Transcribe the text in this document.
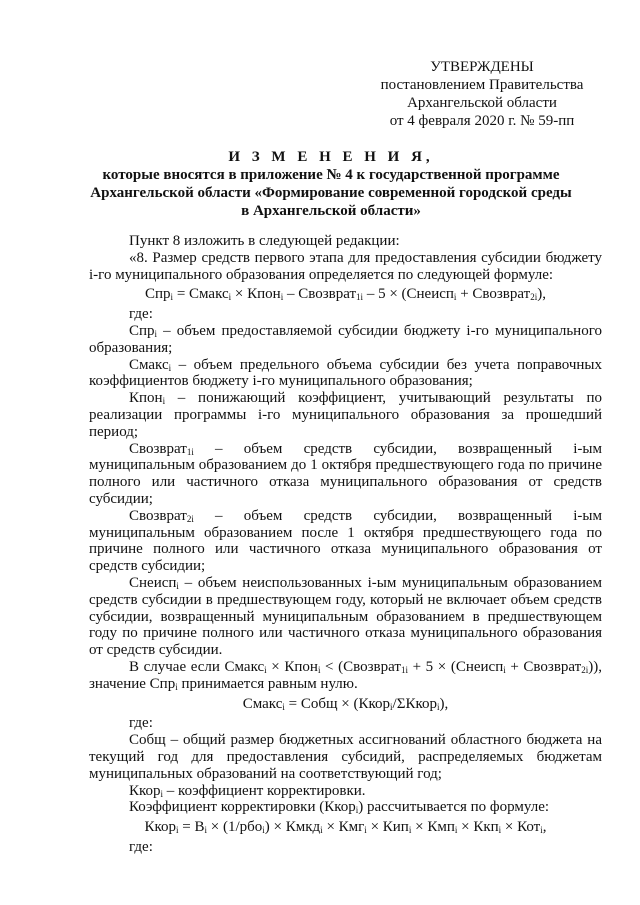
УТВЕРЖДЕНЫ
постановлением Правительства
Архангельской области
от 4 февраля 2020 г. № 59-пп
И З М Е Н Е Н И Я,
которые вносятся в приложение № 4 к государственной программе
Архангельской области «Формирование современной городской среды
в Архангельской области»

Пункт 8 изложить в следующей редакции:

«8. Размер средств первого этапа для предоставления субсидии бюджету i-го муниципального образования определяется по следующей формуле:

Спр$_i$ = Смакс$_i$ × Кпон$_i$ – Свозврат$_{1i}$ – 5 × (Снеисп$_i$ + Свозврат$_{2i}$),

где:

Спр$_i$ – объем предоставляемой субсидии бюджету i-го муниципального образования;

Смакс$_i$ – объем предельного объема субсидии без учета поправочных коэффициентов бюджету i-го муниципального образования;

Кпон$_i$ – понижающий коэффициент, учитывающий результаты по реализации программы i-го муниципального образования за прошедший период;

Свозврат$_{1i}$ – объем средств субсидии, возвращенный i-ым муниципальным образованием до 1 октября предшествующего года по причине полного или частичного отказа муниципального образования от средств субсидии;

Свозврат$_{2i}$ – объем средств субсидии, возвращенный i-ым муниципальным образованием после 1 октября предшествующего года по причине полного или частичного отказа муниципального образования от средств субсидии;

Снеисп$_i$ – объем неиспользованных i-ым муниципальным образованием средств субсидии в предшествующем году, который не включает объем средств субсидии, возвращенный муниципальным образованием в предшествующем году по причине полного или частичного отказа муниципального образования от средств субсидии.

В случае если Смакс$_i$ × Кпон$_i$ < (Свозврат$_{1i}$ + 5 × (Снеисп$_i$ + Свозврат$_{2i}$)), значение Спр$_i$ принимается равным нулю.

Смакс$_i$ = Собщ × (Ккор$_i$/ΣКкор$_i$),

где:

Собщ – общий размер бюджетных ассигнований областного бюджета на текущий год для предоставления субсидий, распределяемых бюджетам муниципальных образований на соответствующий год;

Ккор$_i$ – коэффициент корректировки.

Коэффициент корректировки (Ккор$_i$) рассчитывается по формуле:

Ккор$_i$ = $В_i \times (1/рбо_i)$ × Кмкд$_i$ × Кмг$_i$ × Кип$_i$ × Кмп$_i$ × Ккп$_i$ × Кот$_i$,

где:
